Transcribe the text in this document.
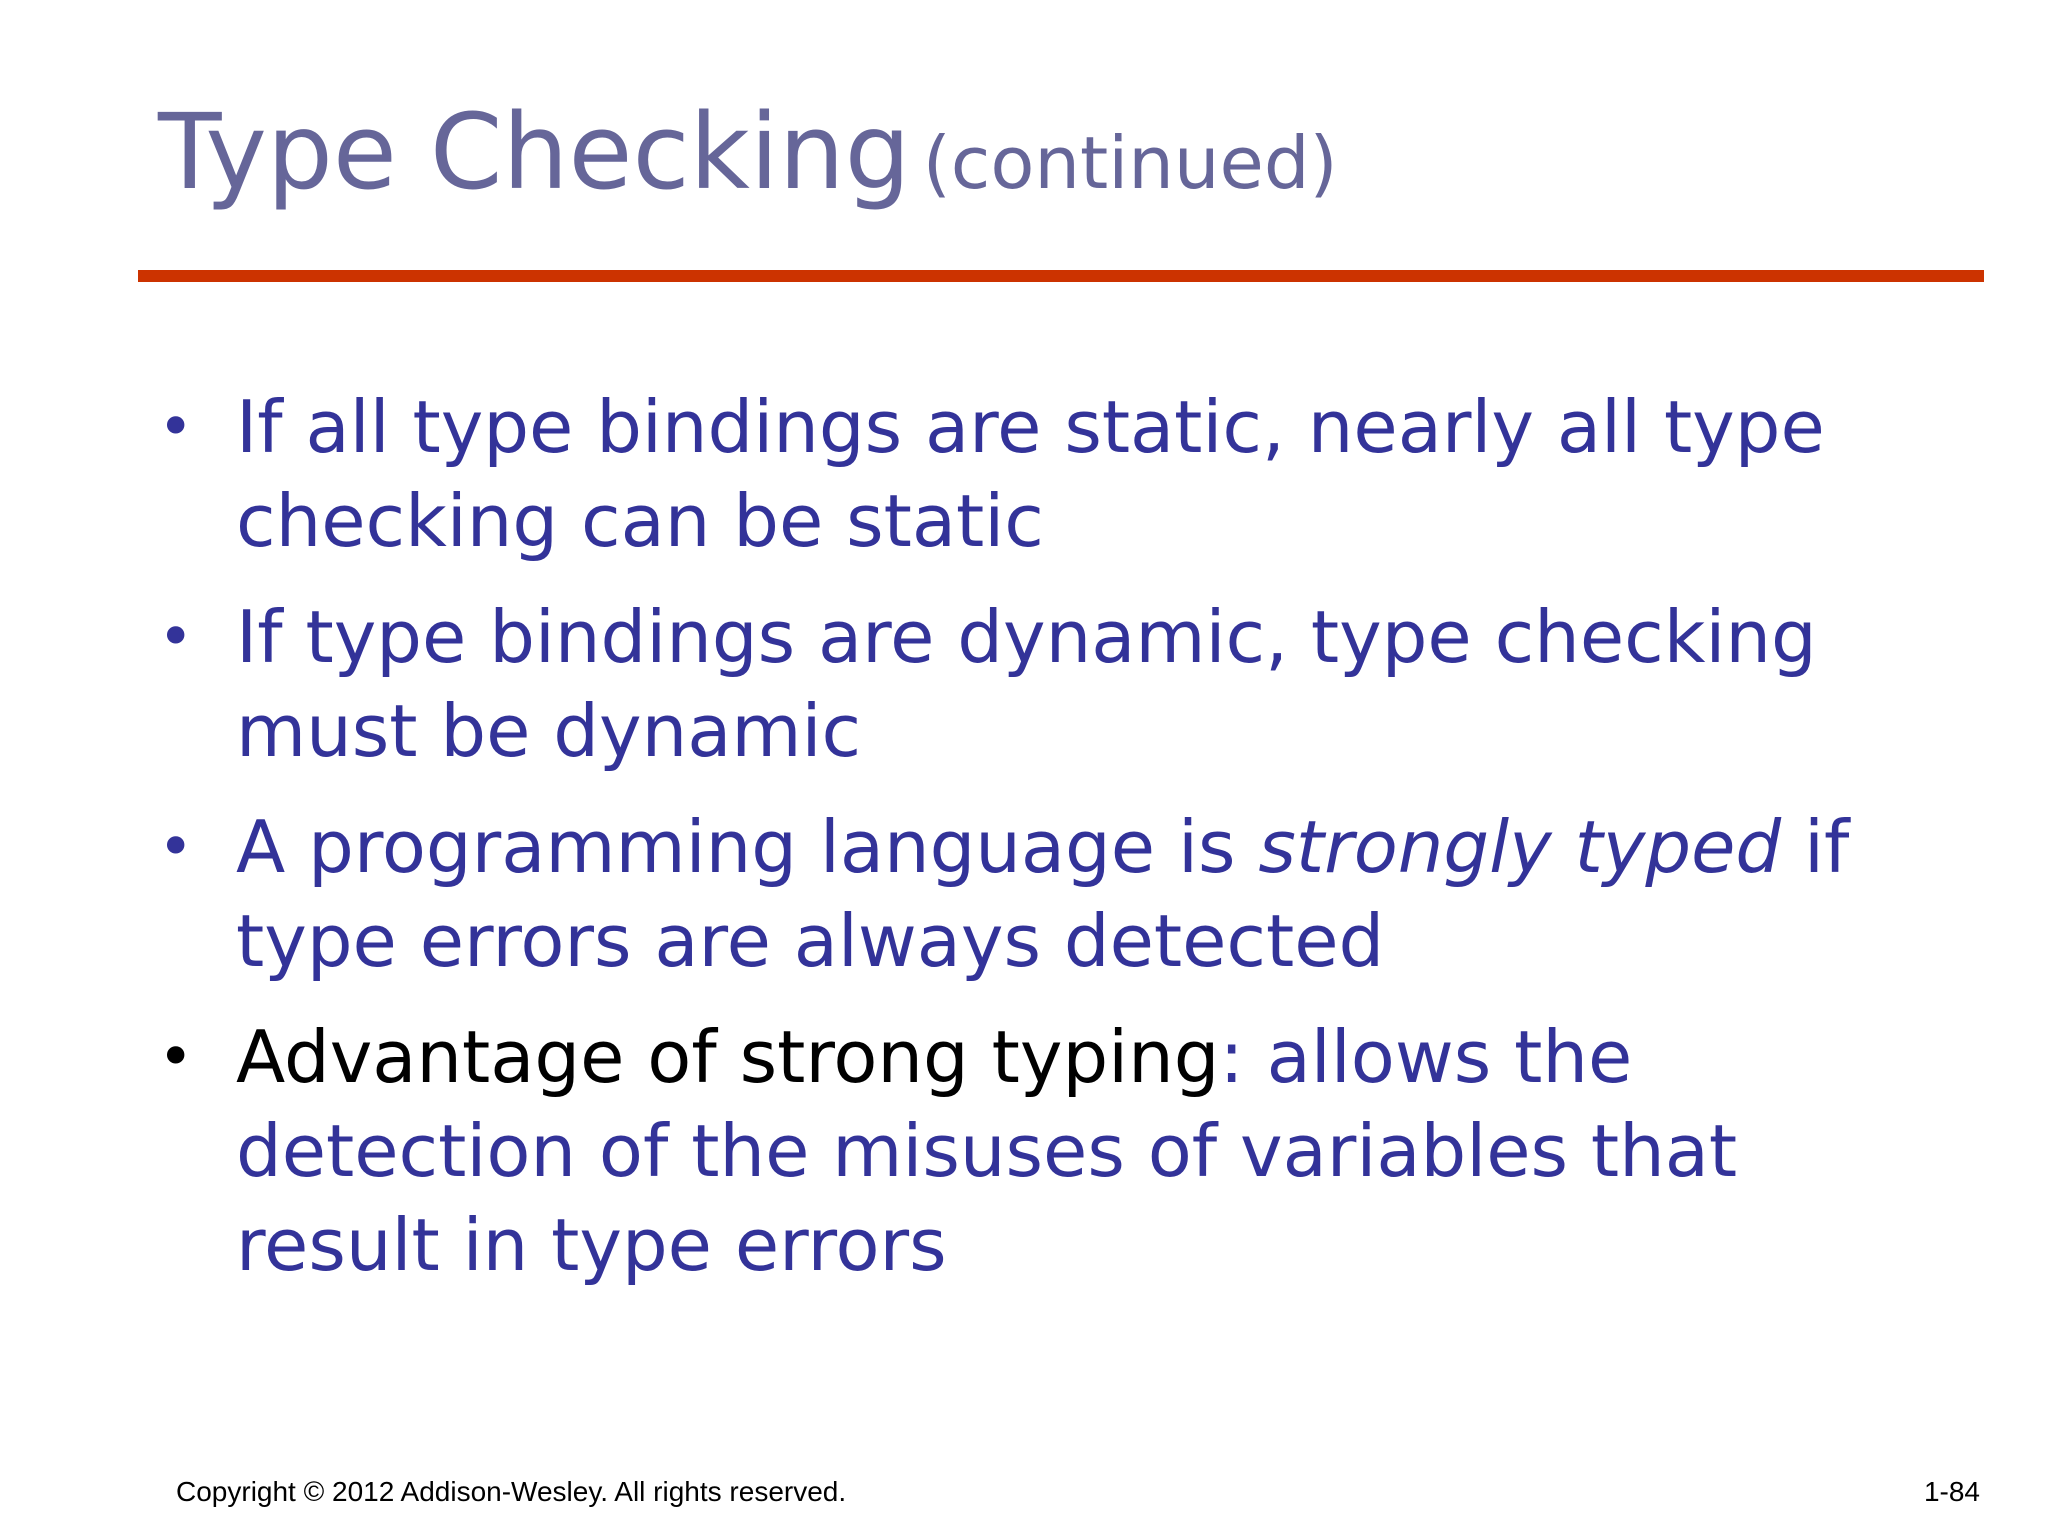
Type Checking (continued)
• If all type bindings are static, nearly all type checking can be static
• If type bindings are dynamic, type checking must be dynamic
• A programming language is strongly typed if type errors are always detected
• Advantage of strong typing: allows the detection of the misuses of variables that result in type errors
Copyright © 2012 Addison-Wesley. All rights reserved.	1-84
